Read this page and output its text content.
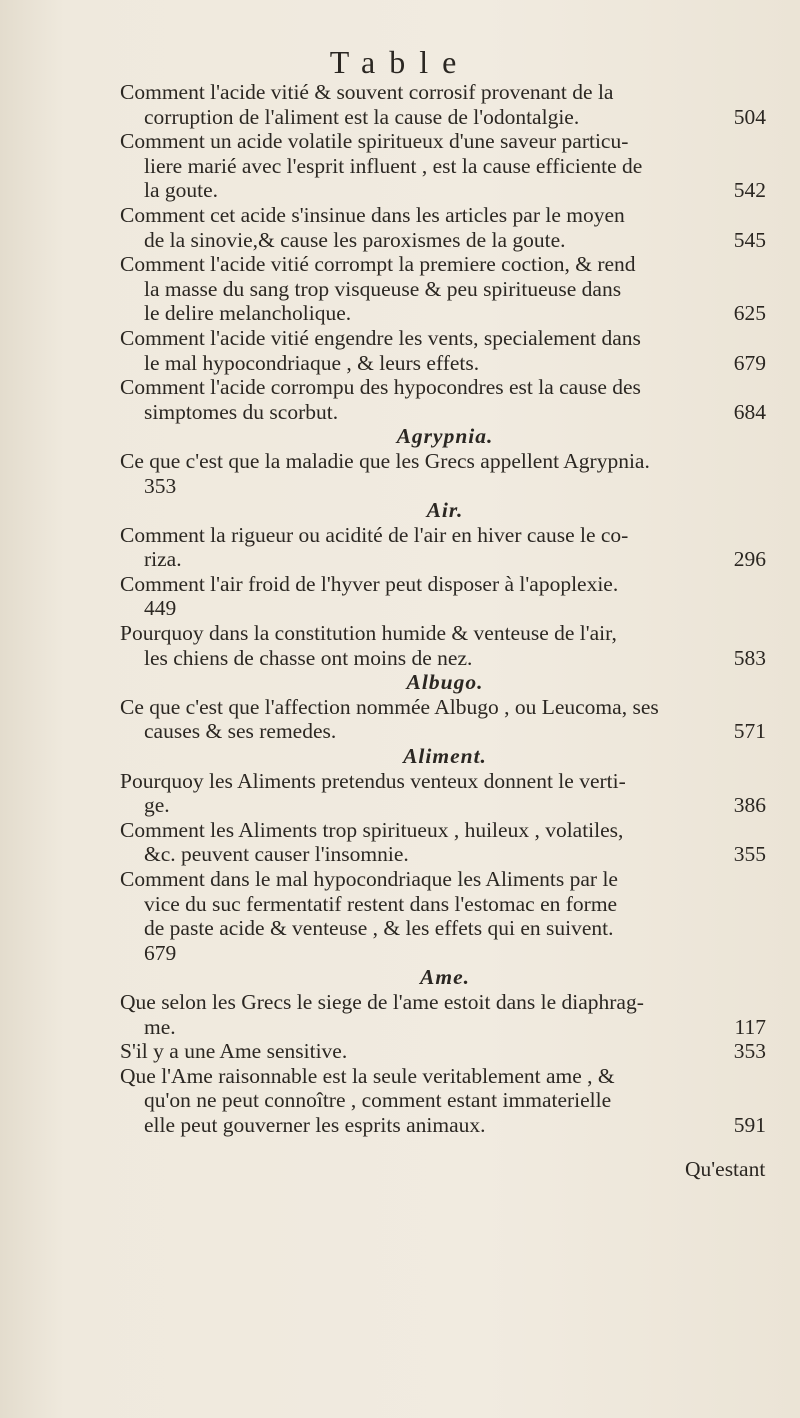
Table
Comment l'acide vitié & souvent corrosif provenant de la
corruption de l'aliment est la cause de l'odontalgie.	504
Comment un acide volatile spiritueux d'une saveur particu-
liere marié avec l'esprit influent , est la cause efficiente de
la goute.	542
Comment cet acide s'insinue dans les articles par le moyen
de la sinovie,& cause les paroxismes de la goute.	545
Comment l'acide vitié corrompt la premiere coction, & rend
la masse du sang trop visqueuse & peu spiritueuse dans
le delire melancholique.	625
Comment l'acide vitié engendre les vents, specialement dans
le mal hypocondriaque , & leurs effets.	679
Comment l'acide corrompu des hypocondres est la cause des
simptomes du scorbut.	684
Agrypnia.
Ce que c'est que la maladie que les Grecs appellent Agrypnia.
353
Air.
Comment la rigueur ou acidité de l'air en hiver cause le co-
riza.	296
Comment l'air froid de l'hyver peut disposer à l'apoplexie.
449
Pourquoy dans la constitution humide & venteuse de l'air,
les chiens de chasse ont moins de nez.	583
Albugo.
Ce que c'est que l'affection nommée Albugo , ou Leucoma, ses
causes & ses remedes.	571
Aliment.
Pourquoy les Aliments pretendus venteux donnent le verti-
ge.	386
Comment les Aliments trop spiritueux , huileux , volatiles,
&c. peuvent causer l'insomnie.	355
Comment dans le mal hypocondriaque les Aliments par le
vice du suc fermentatif restent dans l'estomac en forme
de paste acide & venteuse , & les effets qui en suivent.
679
Ame.
Que selon les Grecs le siege de l'ame estoit dans le diaphrag-
me.	117
S'il y a une Ame sensitive.	353
Que l'Ame raisonnable est la seule veritablement ame , &
qu'on ne peut connoître , comment estant immaterielle
elle peut gouverner les esprits animaux.	591
Qu'estant
